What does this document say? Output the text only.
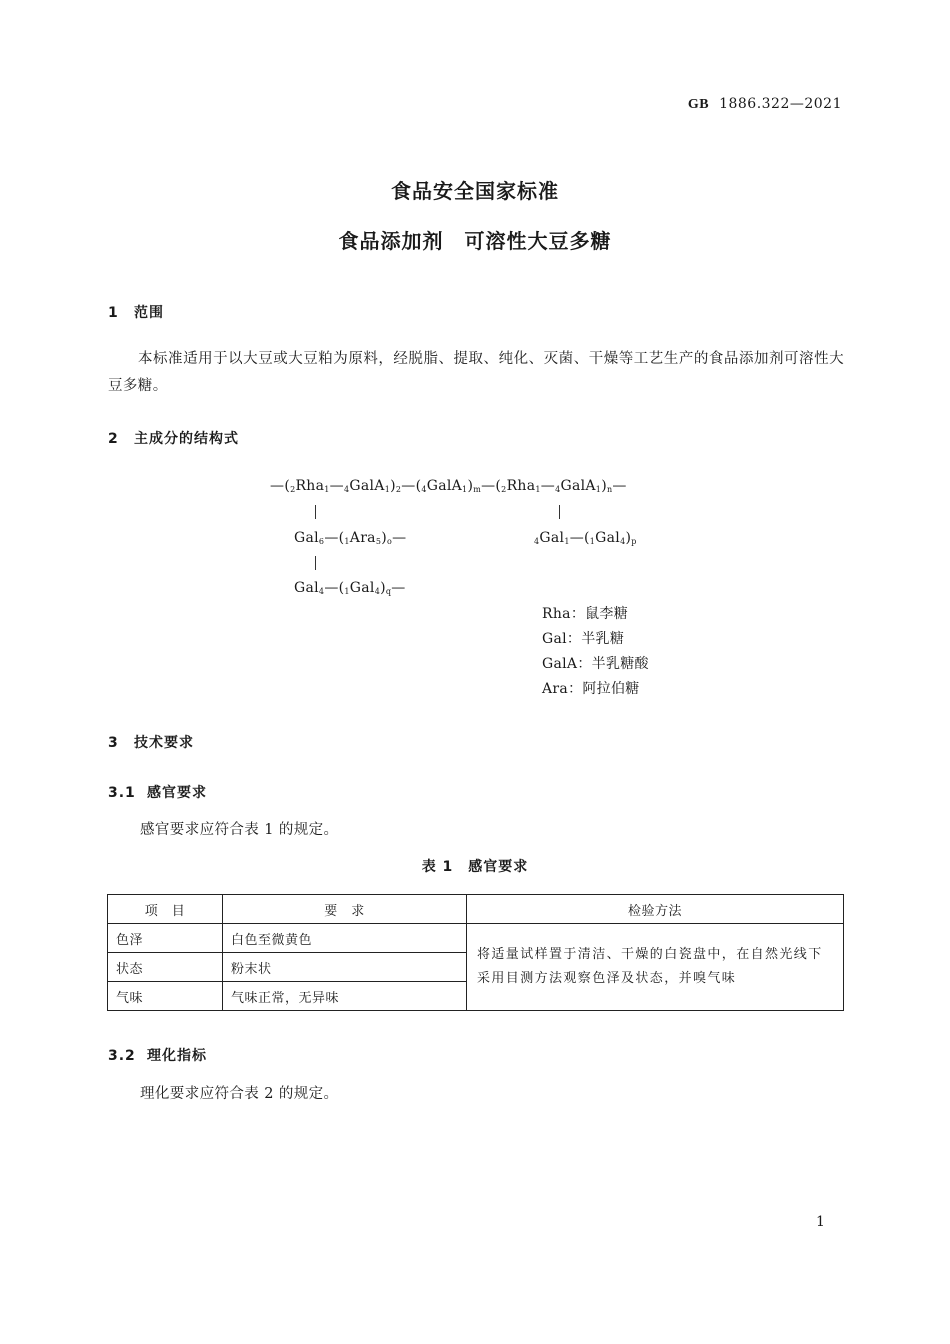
GB 1886.322—2021
食品安全国家标准
食品添加剂　可溶性大豆多糖
1 范围
本标准适用于以大豆或大豆粕为原料，经脱脂、提取、纯化、灭菌、干燥等工艺生产的食品添加剂可溶性大豆多糖。
2 主成分的结构式
$—(_2Rha_1—_4GalA_1)_2—(_4GalA_1)_m—(_2Rha_1—_4GalA_1)_n—$
$Gal_6—(_1Ara_5)_o—$	$_4Gal_1—(_1Gal_4)_p$
$Gal_4—(_1Gal_4)_q—$
Rha：鼠李糖
Gal：半乳糖
GalA：半乳糖酸
Ara：阿拉伯糖
3 技术要求
3.1 感官要求
感官要求应符合表 1 的规定。
表 1　感官要求
项　目	要　求	检验方法
色泽	白色至微黄色	将适量试样置于清洁、干燥的白瓷盘中，在自然光线下采用目测方法观察色泽及状态，并嗅气味
状态	粉末状	
气味	气味正常，无异味	
3.2 理化指标
理化要求应符合表 2 的规定。
1
